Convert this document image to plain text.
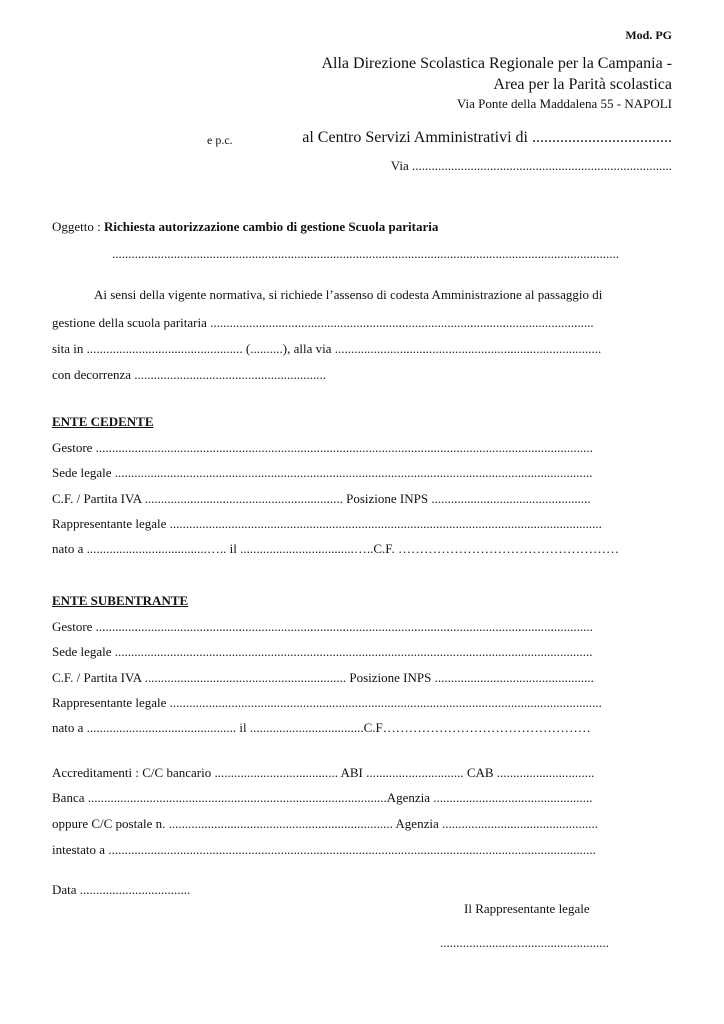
Mod. PG
Alla Direzione Scolastica Regionale per la Campania -
Area per la Parità scolastica
Via Ponte della Maddalena 55 - NAPOLI
e p.c.	al Centro Servizi Amministrativi di ...................................
Via ................................................................................
Oggetto : Richiesta autorizzazione cambio di gestione Scuola paritaria
............................................................................................................................................................
Ai sensi della vigente normativa, si richiede l’assenso di codesta Amministrazione al passaggio di
gestione della scuola paritaria ......................................................................................................................
sita in ................................................ (..........), alla via ..................................................................................
con decorrenza ...........................................................
ENTE CEDENTE
Gestore .........................................................................................................................................................
Sede legale ...................................................................................................................................................
C.F. / Partita IVA ............................................................. Posizione INPS .................................................
Rappresentante legale .....................................................................................................................................
nato a .....................................….. il ...................................…..C.F. ……………………………………………
ENTE SUBENTRANTE
Gestore .........................................................................................................................................................
Sede legale ...................................................................................................................................................
C.F. / Partita IVA .............................................................. Posizione INPS .................................................
Rappresentante legale .....................................................................................................................................
nato a .............................................. il ...................................C.F…………………………………………
Accreditamenti : C/C bancario ...................................... ABI .............................. CAB ..............................
Banca ............................................................................................Agenzia .................................................
oppure C/C postale n. ..................................................................... Agenzia ................................................
intestato a ......................................................................................................................................................
Data ..................................
Il Rappresentante legale
....................................................
